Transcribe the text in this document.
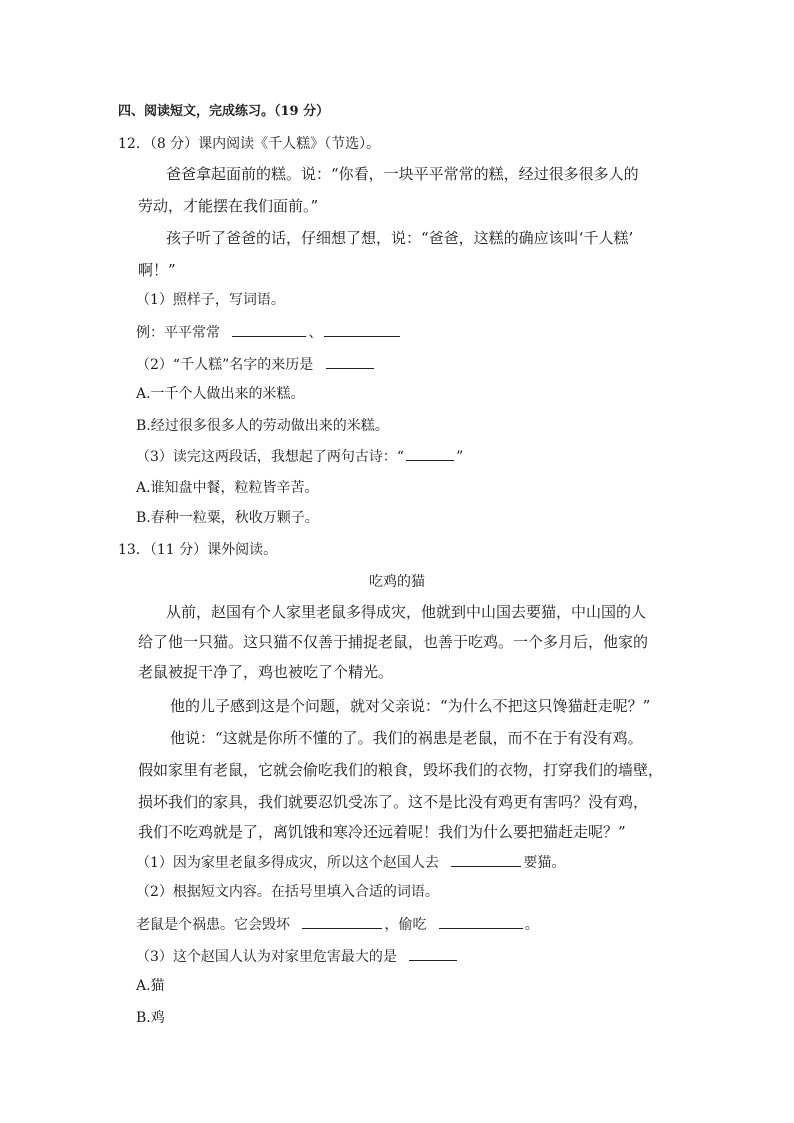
四、阅读短文，完成练习。（19 分）
12．（8 分）课内阅读《千人糕》（节选）。
爸爸拿起面前的糕。说：“你看，一块平平常常的糕，经过很多很多人的
劳动，才能摆在我们面前。”
孩子听了爸爸的话，仔细想了想，说：“爸爸，这糕的确应该叫‘千人糕’
啊！”
（1）照样子，写词语。
例：平平常常	、
（2）“千人糕”名字的来历是
A.一千个人做出来的米糕。
B.经过很多很多人的劳动做出来的米糕。
（3）读完这两段话，我想起了两句古诗：“	”
A.谁知盘中餐，粒粒皆辛苦。
B.春种一粒粟，秋收万颗子。
13．（11 分）课外阅读。
吃鸡的猫
从前，赵国有个人家里老鼠多得成灾，他就到中山国去要猫，中山国的人
给了他一只猫。这只猫不仅善于捕捉老鼠，也善于吃鸡。一个多月后，他家的
老鼠被捉干净了，鸡也被吃了个精光。
他的儿子感到这是个问题，就对父亲说：“为什么不把这只馋猫赶走呢？”
他说：“这就是你所不懂的了。我们的祸患是老鼠，而不在于有没有鸡。
假如家里有老鼠，它就会偷吃我们的粮食，毁坏我们的衣物，打穿我们的墙壁，
损坏我们的家具，我们就要忍饥受冻了。这不是比没有鸡更有害吗？没有鸡，
我们不吃鸡就是了，离饥饿和寒冷还远着呢！我们为什么要把猫赶走呢？”
（1）因为家里老鼠多得成灾，所以这个赵国人去	要猫。
（2）根据短文内容。在括号里填入合适的词语。
老鼠是个祸患。它会毁坏	，偷吃	。
（3）这个赵国人认为对家里危害最大的是
A.猫
B.鸡
